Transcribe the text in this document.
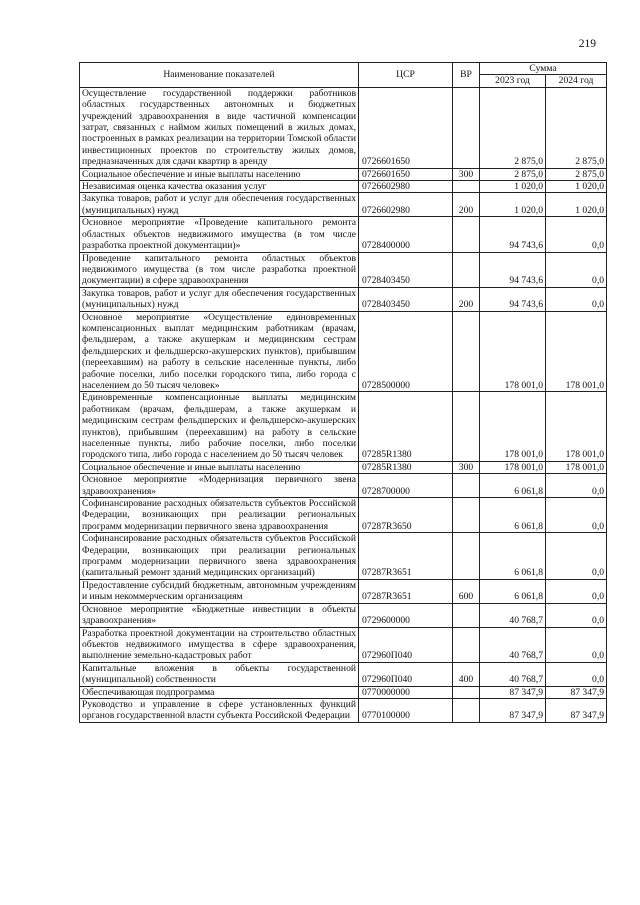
219
Наименование показателей	ЦСР	ВР	Сумма	
			2023 год	2024 год
Осуществление государственной поддержки работников областных государственных автономных и бюджетных учреждений здравоохранения в виде частичной компенсации затрат, связанных с наймом жилых помещений в жилых домах, построенных в рамках реализации на территории Томской области инвестиционных проектов по строительству жилых домов, предназначенных для сдачи квартир в аренду	0726601650		2 875,0	2 875,0
Социальное обеспечение и иные выплаты населению	0726601650	300	2 875,0	2 875,0
Независимая оценка качества оказания услуг	0726602980		1 020,0	1 020,0
Закупка товаров, работ и услуг для обеспечения государственных (муниципальных) нужд	0726602980	200	1 020,0	1 020,0
Основное мероприятие «Проведение капитального ремонта областных объектов недвижимого имущества (в том числе разработка проектной документации)»	0728400000		94 743,6	0,0
Проведение капитального ремонта областных объектов недвижимого имущества (в том числе разработка проектной документации) в сфере здравоохранения	0728403450		94 743,6	0,0
Закупка товаров, работ и услуг для обеспечения государственных (муниципальных) нужд	0728403450	200	94 743,6	0,0
Основное мероприятие «Осуществление единовременных компенсационных выплат медицинским работникам (врачам, фельдшерам, а также акушеркам и медицинским сестрам фельдшерских и фельдшерско-акушерских пунктов), прибывшим (переехавшим) на работу в сельские населенные пункты, либо рабочие поселки, либо поселки городского типа, либо города с населением до 50 тысяч человек»	0728500000		178 001,0	178 001,0
Единовременные компенсационные выплаты медицинским работникам (врачам, фельдшерам, а также акушеркам и медицинским сестрам фельдшерских и фельдшерско-акушерских пунктов), прибывшим (переехавшим) на работу в сельские населенные пункты, либо рабочие поселки, либо поселки городского типа, либо города с населением до 50 тысяч человек	07285R1380		178 001,0	178 001,0
Социальное обеспечение и иные выплаты населению	07285R1380	300	178 001,0	178 001,0
Основное мероприятие «Модернизация первичного звена здравоохранения»	0728700000		6 061,8	0,0
Софинансирование расходных обязательств субъектов Российской Федерации, возникающих при реализации региональных программ модернизации первичного звена здравоохранения	07287R3650		6 061,8	0,0
Софинансирование расходных обязательств субъектов Российской Федерации, возникающих при реализации региональных программ модернизации первичного звена здравоохранения (капитальный ремонт зданий медицинских организаций)	07287R3651		6 061,8	0,0
Предоставление субсидий бюджетным, автономным учреждениям и иным некоммерческим организациям	07287R3651	600	6 061,8	0,0
Основное мероприятие «Бюджетные инвестиции в объекты здравоохранения»	0729600000		40 768,7	0,0
Разработка проектной документации на строительство областных объектов недвижимого имущества в сфере здравоохранения, выполнение земельно-кадастровых работ	072960П040		40 768,7	0,0
Капитальные вложения в объекты государственной (муниципальной) собственности	072960П040	400	40 768,7	0,0
Обеспечивающая подпрограмма	0770000000		87 347,9	87 347,9
Руководство и управление в сфере установленных функций органов государственной власти субъекта Российской Федерации	0770100000		87 347,9	87 347,9
